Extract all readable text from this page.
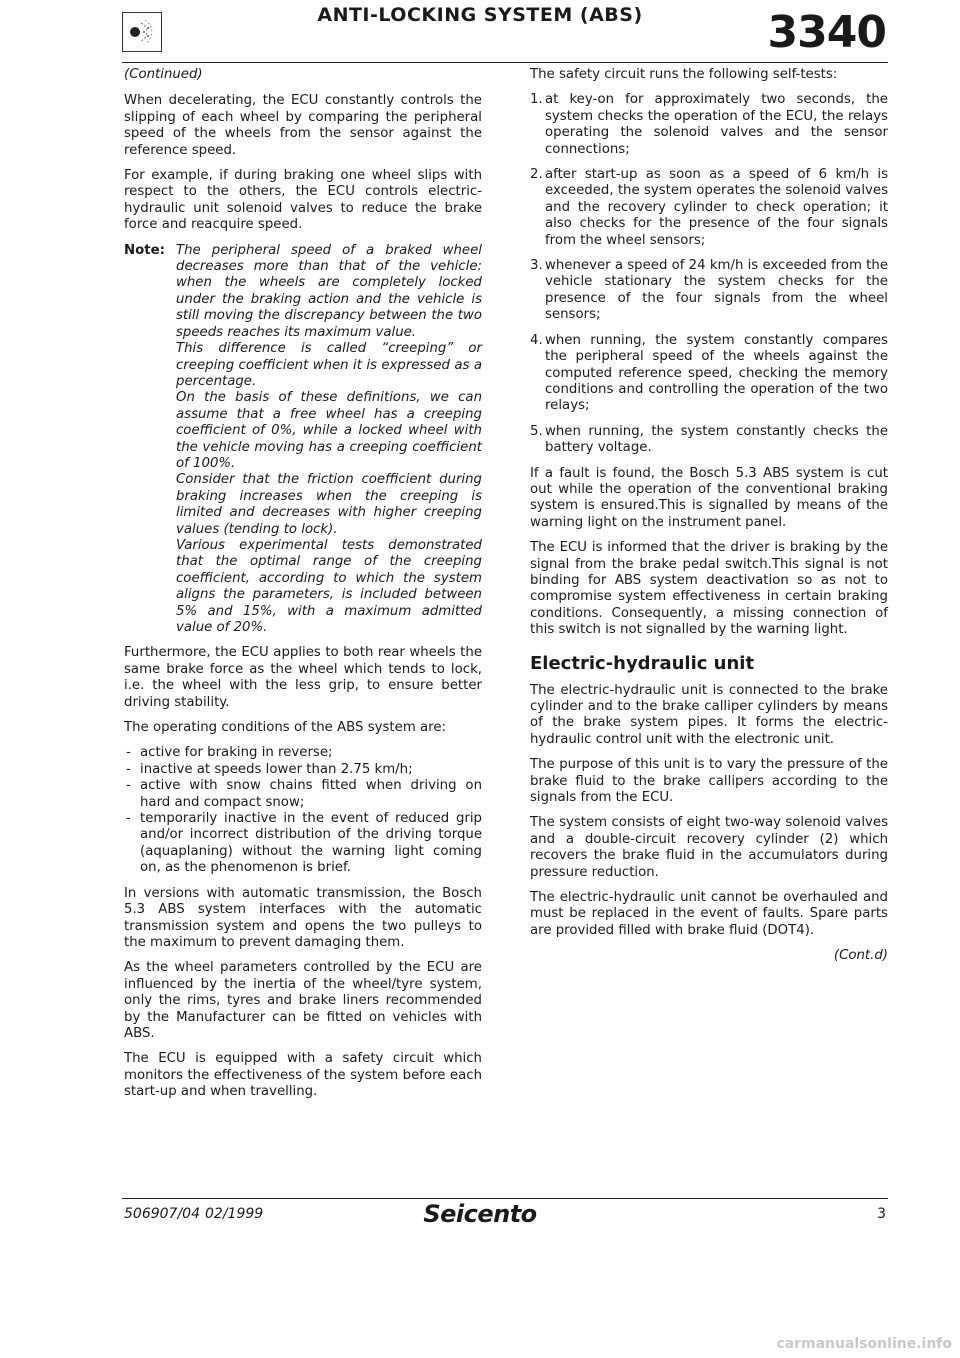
ANTI-LOCKING SYSTEM (ABS)	3340

(Continued)

When decelerating, the ECU constantly controls the slipping of each wheel by comparing the peripheral speed of the wheels from the sensor against the reference speed.

For example, if during braking one wheel slips with respect to the others, the ECU controls electric-hydraulic unit solenoid valves to reduce the brake force and reacquire speed.

Note: The peripheral speed of a braked wheel decreases more than that of the vehicle: when the wheels are completely locked under the braking action and the vehicle is still moving the discrepancy between the two speeds reaches its maximum value.
This difference is called “creeping” or creeping coefficient when it is expressed as a percentage.
On the basis of these definitions, we can assume that a free wheel has a creeping coefficient of 0%, while a locked wheel with the vehicle moving has a creeping coefficient of 100%.
Consider that the friction coefficient during braking increases when the creeping is limited and decreases with higher creeping values (tending to lock).
Various experimental tests demonstrated that the optimal range of the creeping coefficient, according to which the system aligns the parameters, is included between 5% and 15%, with a maximum admitted value of 20%.

Furthermore, the ECU applies to both rear wheels the same brake force as the wheel which tends to lock, i.e. the wheel with the less grip, to ensure better driving stability.

The operating conditions of the ABS system are:

- active for braking in reverse;
- inactive at speeds lower than 2.75 km/h;
- active with snow chains fitted when driving on hard and compact snow;
- temporarily inactive in the event of reduced grip and/or incorrect distribution of the driving torque (aquaplaning) without the warning light coming on, as the phenomenon is brief.

In versions with automatic transmission, the Bosch 5.3 ABS system interfaces with the automatic transmission system and opens the two pulleys to the maximum to prevent damaging them.

As the wheel parameters controlled by the ECU are influenced by the inertia of the wheel/tyre system, only the rims, tyres and brake liners recommended by the Manufacturer can be fitted on vehicles with ABS.

The ECU is equipped with a safety circuit which monitors the effectiveness of the system before each start-up and when travelling.

The safety circuit runs the following self-tests:

1. at key-on for approximately two seconds, the system checks the operation of the ECU, the relays operating the solenoid valves and the sensor connections;
2. after start-up as soon as a speed of 6 km/h is exceeded, the system operates the solenoid valves and the recovery cylinder to check operation; it also checks for the presence of the four signals from the wheel sensors;
3. whenever a speed of 24 km/h is exceeded from the vehicle stationary the system checks for the presence of the four signals from the wheel sensors;
4. when running, the system constantly compares the peripheral speed of the wheels against the computed reference speed, checking the memory conditions and controlling the operation of the two relays;
5. when running, the system constantly checks the battery voltage.

If a fault is found, the Bosch 5.3 ABS system is cut out while the operation of the conventional braking system is ensured.This is signalled by means of the warning light on the instrument panel.

The ECU is informed that the driver is braking by the signal from the brake pedal switch.This signal is not binding for ABS system deactivation so as not to compromise system effectiveness in certain braking conditions. Consequently, a missing connection of this switch is not signalled by the warning light.

Electric-hydraulic unit

The electric-hydraulic unit is connected to the brake cylinder and to the brake calliper cylinders by means of the brake system pipes. It forms the electric-hydraulic control unit with the electronic unit.

The purpose of this unit is to vary the pressure of the brake fluid to the brake callipers according to the signals from the ECU.

The system consists of eight two-way solenoid valves and a double-circuit recovery cylinder (2) which recovers the brake fluid in the accumulators during pressure reduction.

The electric-hydraulic unit cannot be overhauled and must be replaced in the event of faults. Spare parts are provided filled with brake fluid (DOT4).

(Cont.d)

506907/04 02/1999	Seicento	3
carmanualsonline.info
